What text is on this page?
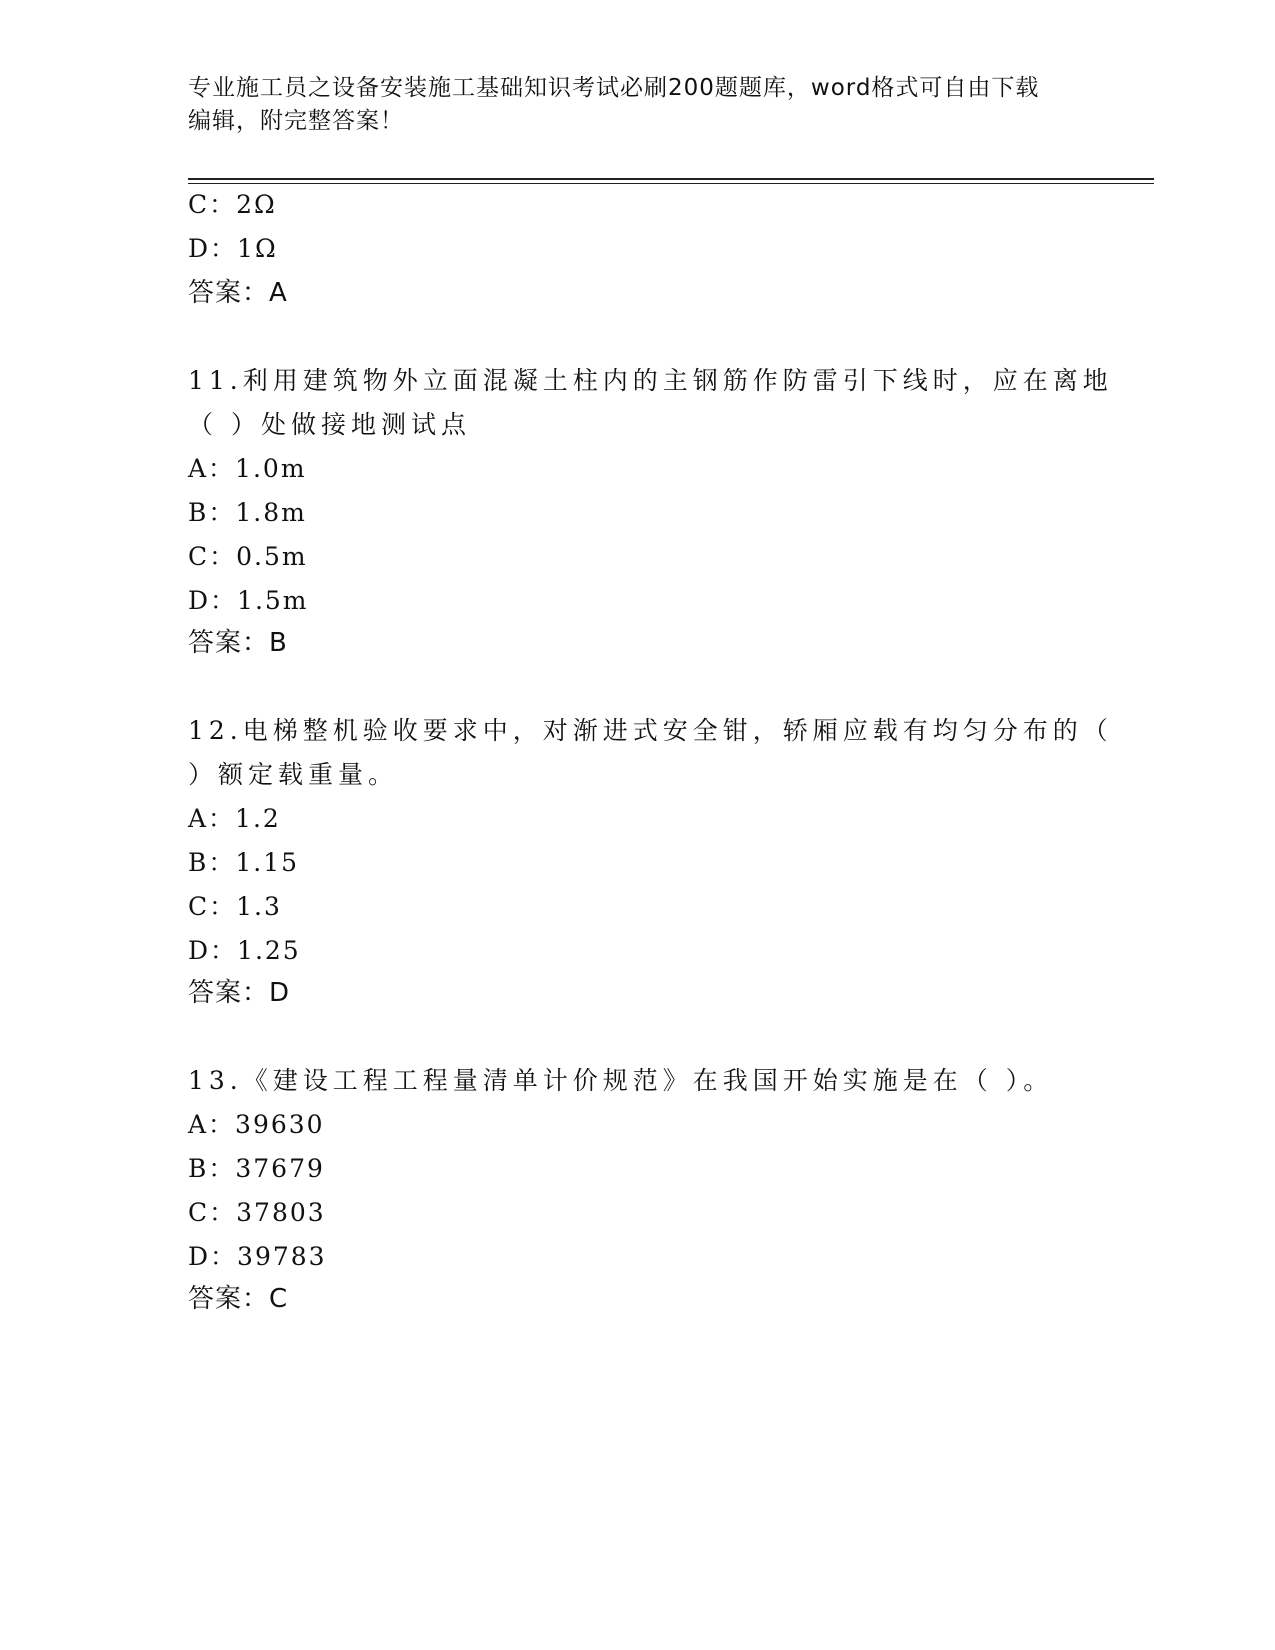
专业施工员之设备安装施工基础知识考试必刷200题题库，word格式可自由下载
编辑，附完整答案！
C：2Ω
D：1Ω
答案：A
11.利用建筑物外立面混凝土柱内的主钢筋作防雷引下线时，应在离地
（ ）处做接地测试点
A：1.0m
B：1.8m
C：0.5m
D：1.5m
答案：B
12.电梯整机验收要求中，对渐进式安全钳，轿厢应载有均匀分布的（
）额定载重量。
A：1.2
B：1.15
C：1.3
D：1.25
答案：D
13.《建设工程工程量清单计价规范》在我国开始实施是在（ ）。
A：39630
B：37679
C：37803
D：39783
答案：C
